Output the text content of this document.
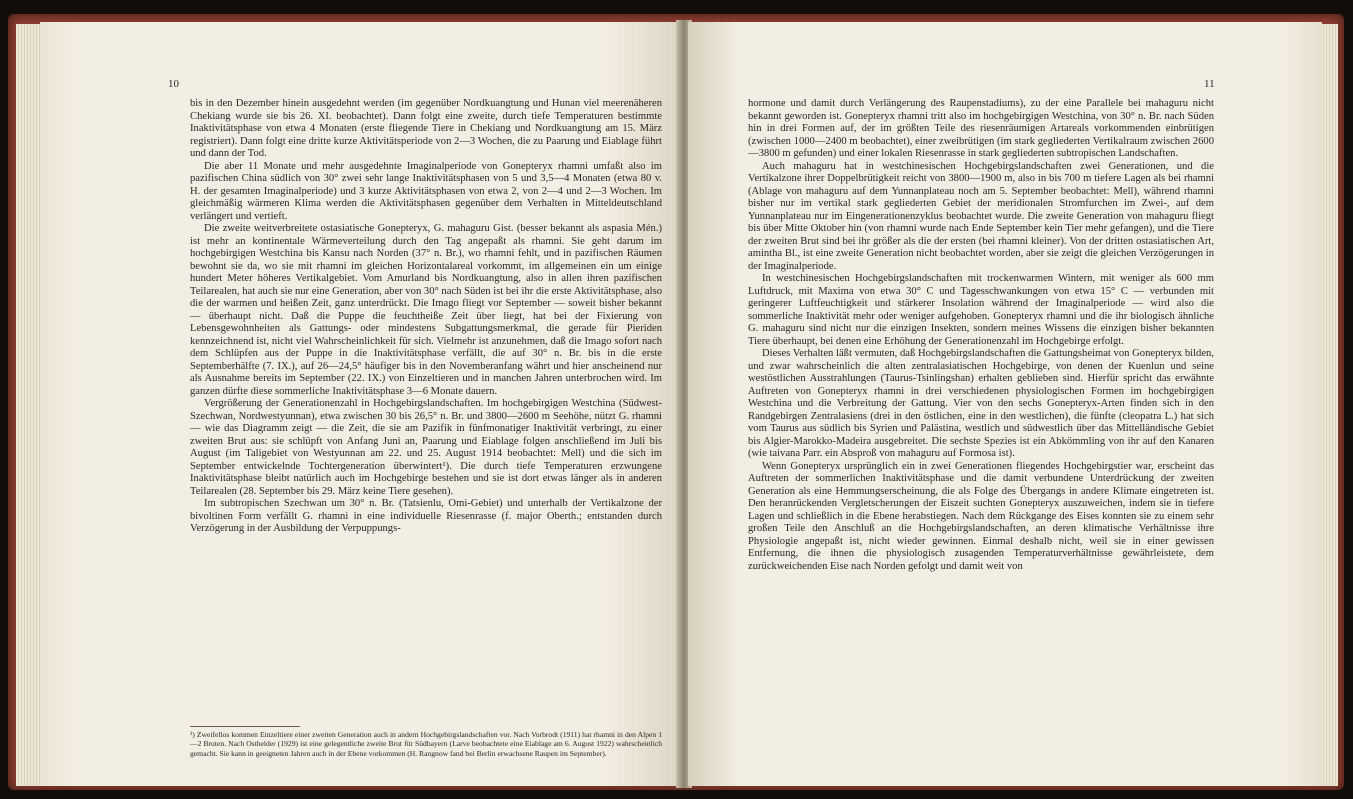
10

bis in den Dezember hinein ausgedehnt werden (im gegenüber Nordkuangtung und Hunan viel meerenäheren Chekiang wurde sie bis 26. XI. beobachtet). Dann folgt eine zweite, durch tiefe Temperaturen bestimmte Inaktivitätsphase von etwa 4 Monaten (erste fliegende Tiere in Chekiang und Nordkuangtung am 15. März registriert). Dann folgt eine dritte kurze Aktivitätsperiode von 2—3 Wochen, die zu Paarung und Eiablage führt und dann der Tod.

Die aber 11 Monate und mehr ausgedehnte Imaginalperiode von Gonepteryx rhamni umfaßt also im pazifischen China südlich von 30° zwei sehr lange Inaktivitätsphasen von 5 und 3,5—4 Monaten (etwa 80 v. H. der gesamten Imaginalperiode) und 3 kurze Aktivitätsphasen von etwa 2, von 2—4 und 2—3 Wochen. Im gleichmäßig wärmeren Klima werden die Aktivitätsphasen gegenüber dem Verhalten in Mitteldeutschland verlängert und vertieft.

Die zweite weitverbreitete ostasiatische Gonepteryx, G. mahaguru Gist. (besser bekannt als aspasia Mén.) ist mehr an kontinentale Wärmeverteilung durch den Tag angepaßt als rhamni. Sie geht darum im hochgebirgigen Westchina bis Kansu nach Norden (37° n. Br.), wo rhamni fehlt, und in pazifischen Räumen bewohnt sie da, wo sie mit rhamni im gleichen Horizontalareal vorkommt, im allgemeinen ein um einige hundert Meter höheres Vertikalgebiet. Vom Amurland bis Nordkuangtung, also in allen ihren pazifischen Teilarealen, hat auch sie nur eine Generation, aber von 30° nach Süden ist bei ihr die erste Aktivitätsphase, also die der warmen und heißen Zeit, ganz unterdrückt. Die Imago fliegt vor September — soweit bisher bekannt — überhaupt nicht. Daß die Puppe die feuchtheiße Zeit über liegt, hat bei der Fixierung von Lebensgewohnheiten als Gattungs- oder mindestens Subgattungsmerkmal, die gerade für Pieriden kennzeichnend ist, nicht viel Wahrscheinlichkeit für sich. Vielmehr ist anzunehmen, daß die Imago sofort nach dem Schlüpfen aus der Puppe in die Inaktivitätsphase verfällt, die auf 30° n. Br. bis in die erste Septemberhälfte (7. IX.), auf 26—24,5° häufiger bis in den Novemberanfang währt und hier anscheinend nur als Ausnahme bereits im September (22. IX.) von Einzeltieren und in manchen Jahren unterbrochen wird. Im ganzen dürfte diese sommerliche Inaktivitätsphase 3—6 Monate dauern.

Vergrößerung der Generationenzahl in Hochgebirgslandschaften. Im hochgebirgigen Westchina (Südwest-Szechwan, Nordwestyunnan), etwa zwischen 30 bis 26,5° n. Br. und 3800—2600 m Seehöhe, nützt G. rhamni — wie das Diagramm zeigt — die Zeit, die sie am Pazifik in fünfmonatiger Inaktivität verbringt, zu einer zweiten Brut aus: sie schlüpft von Anfang Juni an, Paarung und Eiablage folgen anschließend im Juli bis August (im Taligebiet von Westyunnan am 22. und 25. August 1914 beobachtet: Mell) und die sich im September entwickelnde Tochtergeneration überwintert¹). Die durch tiefe Temperaturen erzwungene Inaktivitätsphase bleibt natürlich auch im Hochgebirge bestehen und sie ist dort etwas länger als in anderen Teilarealen (28. September bis 29. März keine Tiere gesehen).

Im subtropischen Szechwan um 30° n. Br. (Tatsienlu, Omi-Gebiet) und unterhalb der Vertikalzone der bivoltinen Form verfällt G. rhamni in eine individuelle Riesenrasse (f. major Oberth.; entstanden durch Verzögerung in der Ausbildung der Verpuppungs-

¹) Zweifellos kommen Einzeltiere einer zweiten Generation auch in andern Hochgebirgslandschaften vor. Nach Vorbrodt (1911) hat rhamni in den Alpen 1—2 Bruten. Nach Osthelder (1929) ist eine gelegentliche zweite Brut für Südbayern (Larve beobachtete eine Eiablage am 6. August 1922) wahrscheinlich gemacht. Sie kann in geeigneten Jahren auch in der Ebene vorkommen (H. Rangnow fand bei Berlin erwachsene Raupen im September).
11

hormone und damit durch Verlängerung des Raupenstadiums), zu der eine Parallele bei mahaguru nicht bekannt geworden ist. Gonepteryx rhamni tritt also im hochgebirgigen Westchina, von 30° n. Br. nach Süden hin in drei Formen auf, der im größten Teile des riesenräumigen Artareals vorkommenden einbrütigen (zwischen 1000—2400 m beobachtet), einer zweibrütigen (im stark gegliederten Vertikalraum zwischen 2600—3800 m gefunden) und einer lokalen Riesenrasse in stark gegliederten subtropischen Landschaften.

Auch mahaguru hat in westchinesischen Hochgebirgslandschaften zwei Generationen, und die Vertikalzone ihrer Doppelbrütigkeit reicht von 3800—1900 m, also in bis 700 m tiefere Lagen als bei rhamni (Ablage von mahaguru auf dem Yunnanplateau noch am 5. September beobachtet: Mell), während rhamni bisher nur im vertikal stark gegliederten Gebiet der meridionalen Stromfurchen im Zwei-, auf dem Yunnanplateau nur im Eingenerationenzyklus beobachtet wurde. Die zweite Generation von mahaguru fliegt bis über Mitte Oktober hin (von rhamni wurde nach Ende September kein Tier mehr gefangen), und die Tiere der zweiten Brut sind bei ihr größer als die der ersten (bei rhamni kleiner). Von der dritten ostasiatischen Art, amintha Bl., ist eine zweite Generation nicht beobachtet worden, aber sie zeigt die gleichen Verzögerungen in der Imaginalperiode.

In westchinesischen Hochgebirgslandschaften mit trockenwarmen Wintern, mit weniger als 600 mm Luftdruck, mit Maxima von etwa 30° C und Tagesschwankungen von etwa 15° C — verbunden mit geringerer Luftfeuchtigkeit und stärkerer Insolation während der Imaginalperiode — wird also die sommerliche Inaktivität mehr oder weniger aufgehoben. Gonepteryx rhamni und die ihr biologisch ähnliche G. mahaguru sind nicht nur die einzigen Insekten, sondern meines Wissens die einzigen bisher bekannten Tiere überhaupt, bei denen eine Erhöhung der Generationenzahl im Hochgebirge erfolgt.

Dieses Verhalten läßt vermuten, daß Hochgebirgslandschaften die Gattungsheimat von Gonepteryx bilden, und zwar wahrscheinlich die alten zentralasiatischen Hochgebirge, von denen der Kuenlun und seine westöstlichen Ausstrahlungen (Taurus-Tsinlingshan) erhalten geblieben sind. Hierfür spricht das erwähnte Auftreten von Gonepteryx rhamni in drei verschiedenen physiologischen Formen im hochgebirgigen Westchina und die Verbreitung der Gattung. Vier von den sechs Gonepteryx-Arten finden sich in den Randgebirgen Zentralasiens (drei in den östlichen, eine in den westlichen), die fünfte (cleopatra L.) hat sich vom Taurus aus südlich bis Syrien und Palästina, westlich und südwestlich über das Mittelländische Gebiet bis Algier-Marokko-Madeira ausgebreitet. Die sechste Spezies ist ein Abkömmling von ihr auf den Kanaren (wie taivana Parr. ein Absproß von mahaguru auf Formosa ist).

Wenn Gonepteryx ursprünglich ein in zwei Generationen fliegendes Hochgebirgstier war, erscheint das Auftreten der sommerlichen Inaktivitätsphase und die damit verbundene Unterdrückung der zweiten Generation als eine Hemmungserscheinung, die als Folge des Übergangs in andere Klimate eingetreten ist. Den heranrückenden Vergletscherungen der Eiszeit suchten Gonepteryx auszuweichen, indem sie in tiefere Lagen und schließlich in die Ebene herabstiegen. Nach dem Rückgange des Eises konnten sie zu einem sehr großen Teile den Anschluß an die Hochgebirgslandschaften, an deren klimatische Verhältnisse ihre Physiologie angepaßt ist, nicht wieder gewinnen. Einmal deshalb nicht, weil sie in einer gewissen Entfernung, die ihnen die physiologisch zusagenden Temperaturverhältnisse gewährleistete, dem zurückweichenden Eise nach Norden gefolgt und damit weit von
